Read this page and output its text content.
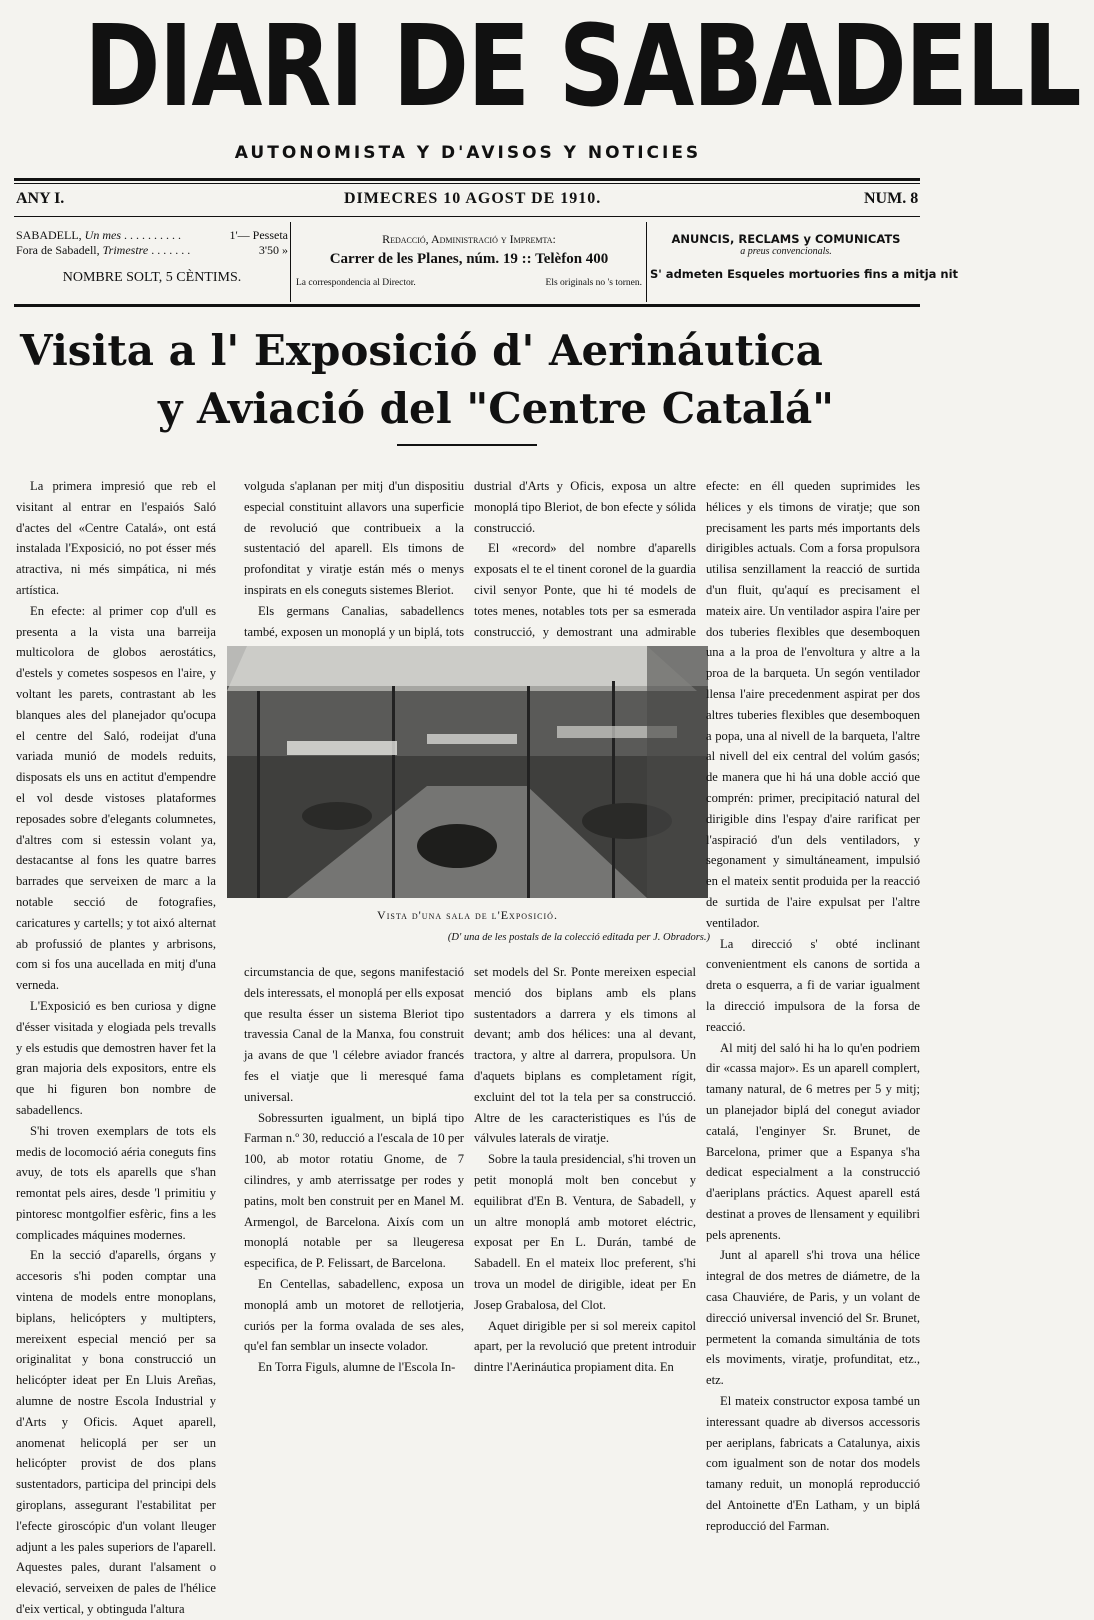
DIARI DE SABADELL
AUTONOMISTA Y D'AVISOS Y NOTICIES
ANY I.	DIMECRES 10 AGOST DE 1910.	NUM. 8
SABADELL, Un mes . . . . . . . . . .	1'— Pesseta
Fora de Sabadell, Trimestre . . . . . . .	3'50 »
NOMBRE SOLT, 5 CÈNTIMS.
Redacció, Administració y Impremta:
Carrer de les Planes, núm. 19 :: Telèfon 400
La correspondencia al Director.	Els originals no 's tornen.
ANUNCIS, RECLAMS y COMUNICATS
a preus convencionals.
S' admeten Esqueles mortuories fins a mitja nit
Visita a l' Exposició d' Aerináutica
y Aviació del "Centre Catalá"

La primera impresió que reb el visitant al entrar en l'espaiós Saló d'actes del «Centre Catalá», ont está instalada l'Exposició, no pot ésser més atractiva, ni més simpática, ni més artística.

En efecte: al primer cop d'ull es presenta a la vista una barreija multicolora de globos aerostátics, d'estels y cometes sospesos en l'aire, y voltant les parets, contrastant ab les blanques ales del planejador qu'ocupa el centre del Saló, rodeijat d'una variada munió de models reduits, disposats els uns en actitut d'empendre el vol desde vistoses plataformes reposades sobre d'elegants columnetes, d'altres com si estessin volant ya, destacantse al fons les quatre barres barrades que serveixen de marc a la notable secció de fotografies, caricatures y cartells; y tot aixó alternat ab profussió de plantes y arbrisons, com si fos una aucellada en mitj d'una verneda.

L'Exposició es ben curiosa y digne d'ésser visitada y elogiada pels trevalls y els estudis que demostren haver fet la gran majoria dels expositors, entre els que hi figuren bon nombre de sabadellencs.

S'hi troven exemplars de tots els medis de locomoció aéria coneguts fins avuy, de tots els aparells que s'han remontat pels aires, desde 'l primitiu y pintoresc montgolfier esfèric, fins a les complicades máquines modernes.

En la secció d'aparells, órgans y accesoris s'hi poden comptar una vintena de models entre monoplans, biplans, helicópters y multipters, mereixent especial menció per sa originalitat y bona construcció un helicópter ideat per En Lluis Areñas, alumne de nostre Escola Industrial y d'Arts y Oficis. Aquet aparell, anomenat helicoplá per ser un helicópter provist de dos plans sustentadors, participa del principi dels giroplans, assegurant l'estabilitat per l'efecte giroscópic d'un volant lleuger adjunt a les pales superiors de l'aparell. Aquestes pales, durant l'alsament o elevació, serveixen de pales de l'hélice d'eix vertical, y obtinguda l'altura

volguda s'aplanan per mitj d'un dispositiu especial constituint allavors una superficie de revolució que contribueix a la sustentació del aparell. Els timons de profonditat y viratje están més o menys inspirats en els coneguts sistemes Bleriot.

Els germans Canalias, sabadellencs també, exposen un monoplá y un biplá, tots

dustrial d'Arts y Oficis, exposa un altre monoplá tipo Bleriot, de bon efecte y sólida construcció.

El «record» del nombre d'aparells exposats el te el tinent coronel de la guardia civil senyor Ponte, que hi té models de totes menes, notables tots per sa esmerada construcció, y demostrant una admirable

Vista d'una sala de l'Exposició.
(D' una de les postals de la colecció editada per J. Obradors.)

circumstancia de que, segons manifestació dels interessats, el monoplá per ells exposat que resulta ésser un sistema Bleriot tipo travessia Canal de la Manxa, fou construit ja avans de que 'l célebre aviador francés fes el viatje que li meresqué fama universal.

Sobressurten igualment, un biplá tipo Farman n.º 30, reducció a l'escala de 10 per 100, ab motor rotatiu Gnome, de 7 cilindres, y amb aterrissatge per rodes y patins, molt ben construit per en Manel M. Armengol, de Barcelona. Aixís com un monoplá notable per sa lleugeresa especifica, de P. Felissart, de Barcelona.

En Centellas, sabadellenc, exposa un monoplá amb un motoret de rellotjeria, curiós per la forma ovalada de ses ales, qu'el fan semblar un insecte volador.

En Torra Figuls, alumne de l'Escola In-

set models del Sr. Ponte mereixen especial menció dos biplans amb els plans sustentadors a darrera y els timons al devant; amb dos hélices: una al devant, tractora, y altre al darrera, propulsora. Un d'aquets biplans es completament rígit, excluint del tot la tela per sa construcció. Altre de les caracteristiques es l'ús de válvules laterals de viratje.

Sobre la taula presidencial, s'hi troven un petit monoplá molt ben concebut y equilibrat d'En B. Ventura, de Sabadell, y un altre monoplá amb motoret eléctric, exposat per En L. Durán, també de Sabadell. En el mateix lloc preferent, s'hi trova un model de dirigible, ideat per En Josep Grabalosa, del Clot.

Aquet dirigible per si sol mereix capitol apart, per la revolució que pretent introduir dintre l'Aerináutica propiament dita. En

efecte: en éll queden suprimides les hélices y els timons de viratje; que son precisament les parts més importants dels dirigibles actuals. Com a forsa propulsora utilisa senzillament la reacció de surtida d'un fluit, qu'aquí es precisament el mateix aire. Un ventilador aspira l'aire per dos tuberies flexibles que desemboquen una a la proa de l'envoltura y altre a la proa de la barqueta. Un segón ventilador llensa l'aire precedenment aspirat per dos altres tuberies flexibles que desemboquen a popa, una al nivell de la barqueta, l'altre al nivell del eix central del volúm gasós; de manera que hi há una doble acció que comprén: primer, precipitació natural del dirigible dins l'espay d'aire rarificat per l'aspiració d'un dels ventiladors, y segonament y simultáneament, impulsió en el mateix sentit produida per la reacció de surtida de l'aire expulsat per l'altre ventilador.

La direcció s' obté inclinant convenientment els canons de sortida a dreta o esquerra, a fi de variar igualment la direcció impulsora de la forsa de reacció.

Al mitj del saló hi ha lo qu'en podriem dir «cassa major». Es un aparell complert, tamany natural, de 6 metres per 5 y mitj; un planejador biplá del conegut aviador catalá, l'enginyer Sr. Brunet, de Barcelona, primer que a Espanya s'ha dedicat especialment a la construcció d'aeriplans práctics. Aquest aparell está destinat a proves de llensament y equilibri pels aprenents.

Junt al aparell s'hi trova una hélice integral de dos metres de diámetre, de la casa Chauviére, de Paris, y un volant de direcció universal invenció del Sr. Brunet, permetent la comanda simultánia de tots els moviments, viratje, profunditat, etz., etz.

El mateix constructor exposa també un interessant quadre ab diversos accessoris per aeriplans, fabricats a Catalunya, aixis com igualment son de notar dos models tamany reduit, un monoplá reproducció del Antoinette d'En Latham, y un biplá reproducció del Farman.
